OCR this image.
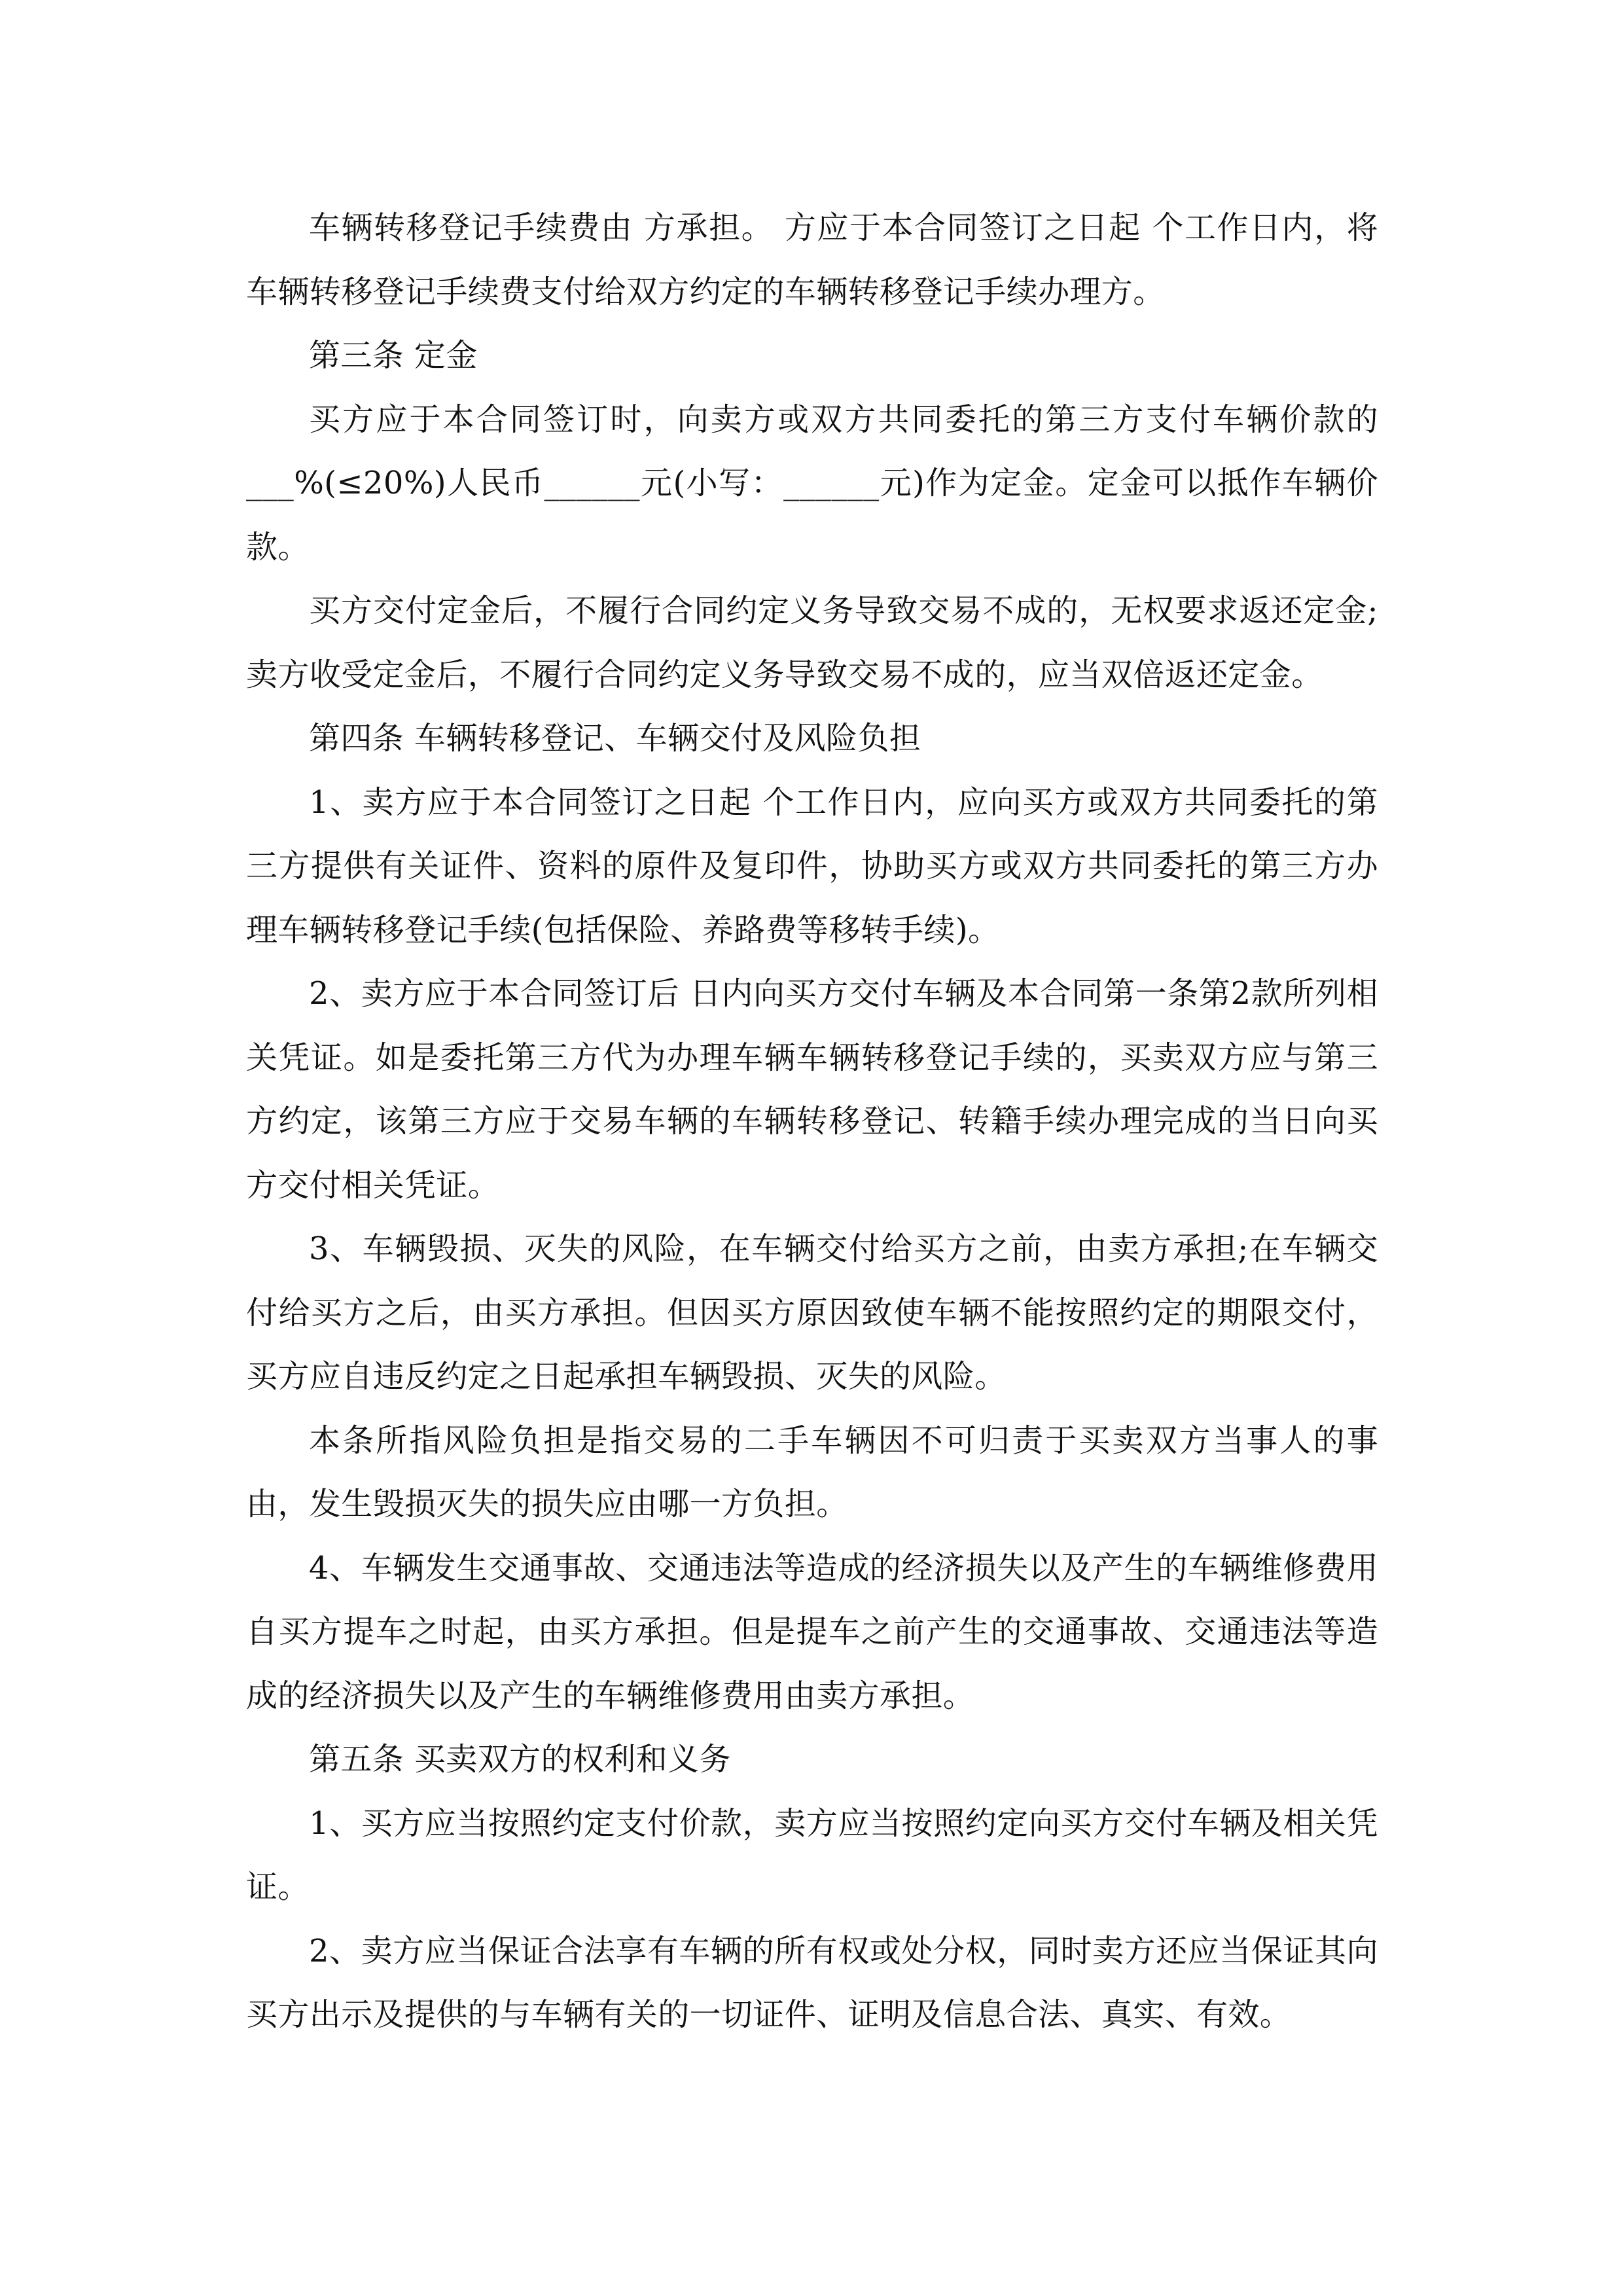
车辆转移登记手续费由 方承担。 方应于本合同签订之日起 个工作日内，将车辆转移登记手续费支付给双方约定的车辆转移登记手续办理方。

第三条 定金

买方应于本合同签订时，向卖方或双方共同委托的第三方支付车辆价款的___%(≤20%)人民币______元(小写：______元)作为定金。定金可以抵作车辆价款。

买方交付定金后，不履行合同约定义务导致交易不成的，无权要求返还定金;卖方收受定金后，不履行合同约定义务导致交易不成的，应当双倍返还定金。

第四条 车辆转移登记、车辆交付及风险负担

1、卖方应于本合同签订之日起 个工作日内，应向买方或双方共同委托的第三方提供有关证件、资料的原件及复印件，协助买方或双方共同委托的第三方办理车辆转移登记手续(包括保险、养路费等移转手续)。

2、卖方应于本合同签订后 日内向买方交付车辆及本合同第一条第2款所列相关凭证。如是委托第三方代为办理车辆车辆转移登记手续的，买卖双方应与第三方约定，该第三方应于交易车辆的车辆转移登记、转籍手续办理完成的当日向买方交付相关凭证。

3、车辆毁损、灭失的风险，在车辆交付给买方之前，由卖方承担;在车辆交付给买方之后，由买方承担。但因买方原因致使车辆不能按照约定的期限交付，买方应自违反约定之日起承担车辆毁损、灭失的风险。

本条所指风险负担是指交易的二手车辆因不可归责于买卖双方当事人的事由，发生毁损灭失的损失应由哪一方负担。

4、车辆发生交通事故、交通违法等造成的经济损失以及产生的车辆维修费用自买方提车之时起，由买方承担。但是提车之前产生的交通事故、交通违法等造成的经济损失以及产生的车辆维修费用由卖方承担。

第五条 买卖双方的权利和义务

1、买方应当按照约定支付价款，卖方应当按照约定向买方交付车辆及相关凭证。

2、卖方应当保证合法享有车辆的所有权或处分权，同时卖方还应当保证其向买方出示及提供的与车辆有关的一切证件、证明及信息合法、真实、有效。
